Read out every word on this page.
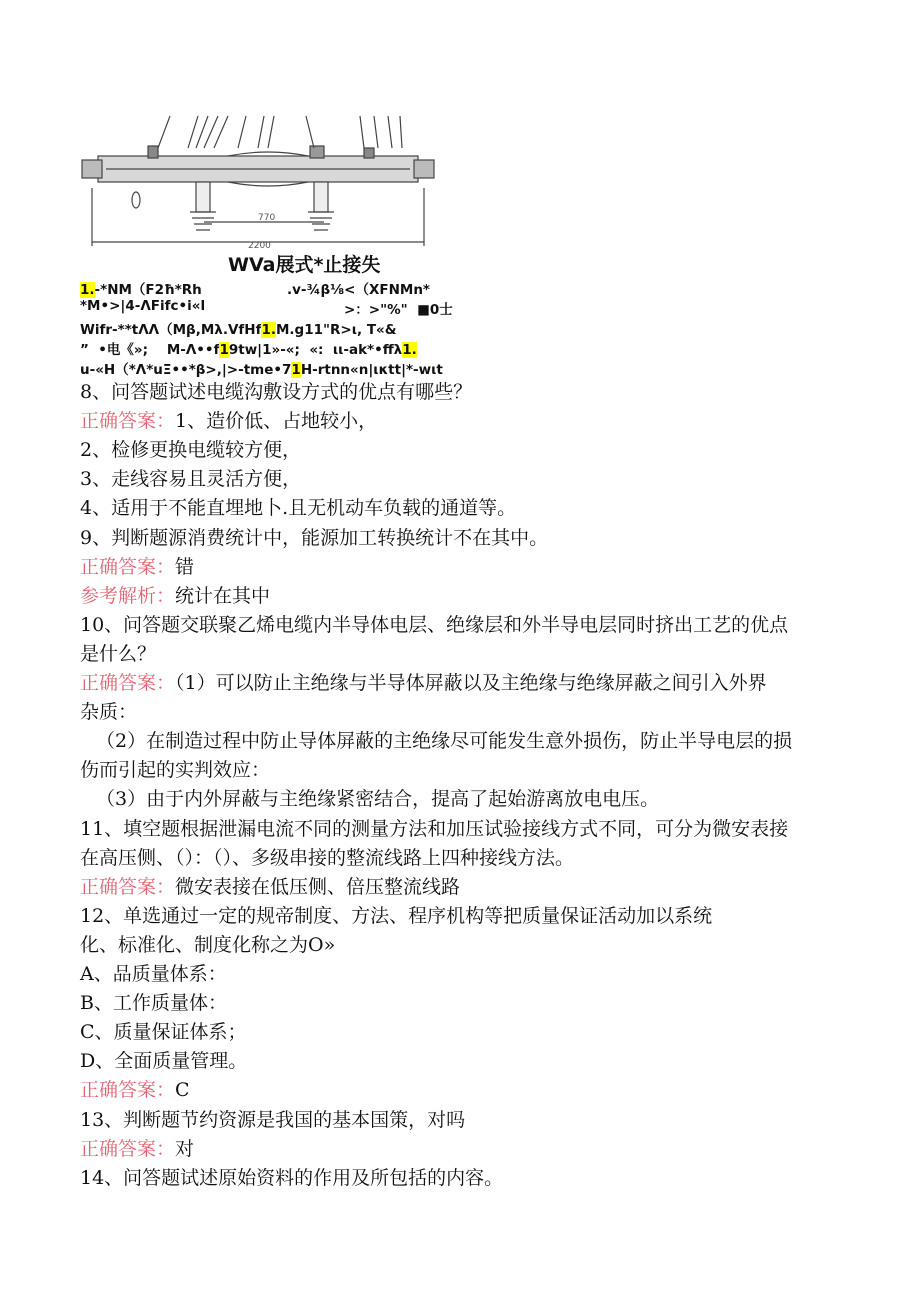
770
2200
WVa展式*止接失
1.-*NM（F2ħ*Rh	.v-¾β⅛<（XFNMn*
*M•>|4-ΛFifc•i«l	>：>"%"  ■0士
Wifr-**tΛΛ（Mβ,Mλ.VfHf1.M.g11"R>ι, T«&
”  •电《»;    M-Λ••f19tw|1»-«;  «:  ιι-ak*•ffλ1.
u-«H（*Λ*uΞ••*β>,|>-tme•71H-rtnn«n|ικtt|*-wιt
8、问答题试述电缆沟敷设方式的优点有哪些？
正确答案：1、造价低、占地较小，
2、检修更换电缆较方便，
3、走线容易且灵活方便，
4、适用于不能直埋地卜.且无机动车负载的通道等。
9、判断题源消费统计中，能源加工转换统计不在其中。
正确答案：错
参考解析：统计在其中
10、问答题交联聚乙烯电缆内半导体电层、绝缘层和外半导电层同时挤出工艺的优点
是什么？
正确答案：（1）可以防止主绝缘与半导体屏蔽以及主绝缘与绝缘屏蔽之间引入外界
杂质：
（2）在制造过程中防止导体屏蔽的主绝缘尽可能发生意外损伤，防止半导电层的损
伤而引起的实判效应：
（3）由于内外屏蔽与主绝缘紧密结合，提高了起始游离放电电压。
11、填空题根据泄漏电流不同的测量方法和加压试验接线方式不同，可分为微安表接
在高压侧、（）：（）、多级串接的整流线路上四种接线方法。
正确答案：微安表接在低压侧、倍压整流线路
12、单选通过一定的规帝制度、方法、程序机构等把质量保证活动加以系统
化、标准化、制度化称之为O»
A、品质量体系：
B、工作质量体：
C、质量保证体系；
D、全面质量管理。
正确答案：C
13、判断题节约资源是我国的基本国策，对吗
正确答案：对
14、问答题试述原始资料的作用及所包括的内容。
